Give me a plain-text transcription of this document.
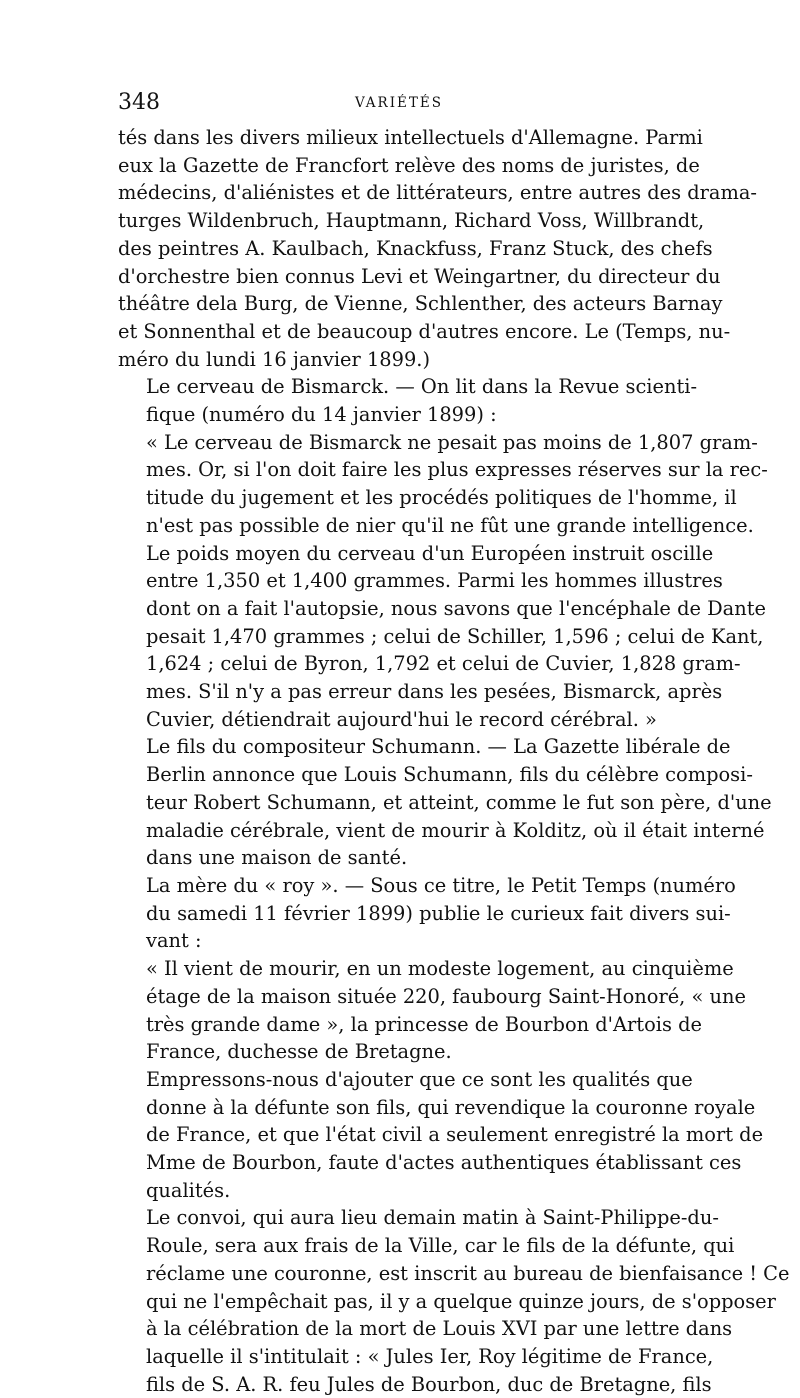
348	VARIÉTÉS

tés dans les divers milieux intellectuels d'Allemagne. Parmi
eux la Gazette de Francfort relève des noms de juristes, de
médecins, d'aliénistes et de littérateurs, entre autres des drama-
turges Wildenbruch, Hauptmann, Richard Voss, Willbrandt,
des peintres A. Kaulbach, Knackfuss, Franz Stuck, des chefs
d'orchestre bien connus Levi et Weingartner, du directeur du
théâtre dela Burg, de Vienne, Schlenther, des acteurs Barnay
et Sonnenthal et de beaucoup d'autres encore. Le (Temps, nu-
méro du lundi 16 janvier 1899.)

Le cerveau de Bismarck. — On lit dans la Revue scienti-
fique (numéro du 14 janvier 1899) :

« Le cerveau de Bismarck ne pesait pas moins de 1,807 gram-
mes. Or, si l'on doit faire les plus expresses réserves sur la rec-
titude du jugement et les procédés politiques de l'homme, il
n'est pas possible de nier qu'il ne fût une grande intelligence.
Le poids moyen du cerveau d'un Européen instruit oscille
entre 1,350 et 1,400 grammes. Parmi les hommes illustres
dont on a fait l'autopsie, nous savons que l'encéphale de Dante
pesait 1,470 grammes ; celui de Schiller, 1,596 ; celui de Kant,
1,624 ; celui de Byron, 1,792 et celui de Cuvier, 1,828 gram-
mes. S'il n'y a pas erreur dans les pesées, Bismarck, après
Cuvier, détiendrait aujourd'hui le record cérébral. »

Le fils du compositeur Schumann. — La Gazette libérale de
Berlin annonce que Louis Schumann, fils du célèbre composi-
teur Robert Schumann, et atteint, comme le fut son père, d'une
maladie cérébrale, vient de mourir à Kolditz, où il était interné
dans une maison de santé.

La mère du « roy ». — Sous ce titre, le Petit Temps (numéro
du samedi 11 février 1899) publie le curieux fait divers sui-
vant :

« Il vient de mourir, en un modeste logement, au cinquième
étage de la maison située 220, faubourg Saint-Honoré, « une
très grande dame », la princesse de Bourbon d'Artois de
France, duchesse de Bretagne.

Empressons-nous d'ajouter que ce sont les qualités que
donne à la défunte son fils, qui revendique la couronne royale
de France, et que l'état civil a seulement enregistré la mort de
Mme de Bourbon, faute d'actes authentiques établissant ces
qualités.

Le convoi, qui aura lieu demain matin à Saint-Philippe-du-
Roule, sera aux frais de la Ville, car le fils de la défunte, qui
réclame une couronne, est inscrit au bureau de bienfaisance ! Ce
qui ne l'empêchait pas, il y a quelque quinze jours, de s'opposer
à la célébration de la mort de Louis XVI par une lettre dans
laquelle il s'intitulait : « Jules Ier, Roy légitime de France,
fils de S. A. R. feu Jules de Bourbon, duc de Bretagne, fils
